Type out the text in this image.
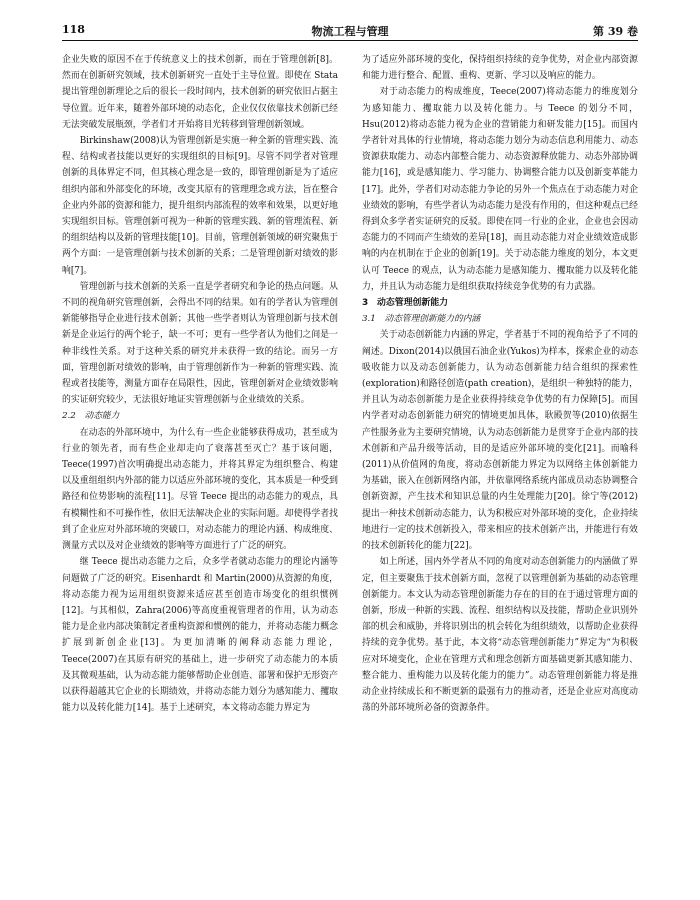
118	物流工程与管理	第 39 卷

企业失败的原因不在于传统意义上的技术创新，而在于管理创新[8]。然而在创新研究领域，技术创新研究一直处于主导位置。即使在 Stata 提出管理创新理论之后的很长一段时间内，技术创新的研究依旧占据主导位置。近年来，随着外部环境的动态化，企业仅仅依靠技术创新已经无法突破发展瓶颈，学者们才开始将目光转移到管理创新领域。

Birkinshaw(2008)认为管理创新是实施一种全新的管理实践、流程、结构或者技能以更好的实现组织的目标[9]。尽管不同学者对管理创新的具体界定不同，但其核心理念是一致的，即管理创新是为了适应组织内部和外部变化的环境，改变其原有的管理理念或方法，旨在整合企业内外部的资源和能力，提升组织内部流程的效率和效果，以更好地实现组织目标。管理创新可视为一种新的管理实践、新的管理流程、新的组织结构以及新的管理技能[10]。目前，管理创新领域的研究聚焦于两个方面：一是管理创新与技术创新的关系；二是管理创新对绩效的影响[7]。

管理创新与技术创新的关系一直是学者研究和争论的热点问题。从不同的视角研究管理创新，会得出不同的结果。如有的学者认为管理创新能够指导企业进行技术创新；其他一些学者则认为管理创新与技术创新是企业运行的两个轮子，缺一不可；更有一些学者认为他们之间是一种非线性关系。对于这种关系的研究并未获得一致的结论。而另一方面，管理创新对绩效的影响，由于管理创新作为一种新的管理实践、流程或者技能等，测量方面存在局限性，因此，管理创新对企业绩效影响的实证研究较少，无法很好地证实管理创新与企业绩效的关系。

2.2　动态能力

在动态的外部环境中，为什么有一些企业能够获得成功，甚至成为行业的领先者，而有些企业却走向了衰落甚至灭亡？基于该问题，Teece(1997)首次明确提出动态能力，并将其界定为组织整合、构建以及重组组织内外部的能力以适应外部环境的变化，其本质是一种受到路径和位势影响的流程[11]。尽管 Teece 提出的动态能力的观点，具有模糊性和不可操作性，依旧无法解决企业的实际问题。却使得学者找到了企业应对外部环境的突破口，对动态能力的理论内涵、构成维度、测量方式以及对企业绩效的影响等方面进行了广泛的研究。

继 Teece 提出动态能力之后，众多学者就动态能力的理论内涵等问题做了广泛的研究。Eisenhardt 和 Martin(2000)从资源的角度，将动态能力视为运用组织资源来适应甚至创造市场变化的组织惯例[12]。与其相似，Zahra(2006)等高度重视管理者的作用，认为动态能力是企业内部决策制定者重构资源和惯例的能力，并将动态能力概念扩展到新创企业[13]。为更加清晰的阐释动态能力理论，Teece(2007)在其原有研究的基础上，进一步研究了动态能力的本质及其微观基础，认为动态能力能够帮助企业创造、部署和保护无形资产以获得超越其它企业的长期绩效，并将动态能力划分为感知能力、攫取能力以及转化能力[14]。基于上述研究，本文将动态能力界定为

为了适应外部环境的变化，保持组织持续的竞争优势，对企业内部资源和能力进行整合、配置、重构、更新、学习以及响应的能力。

对于动态能力的构成维度，Teece(2007)将动态能力的维度划分为感知能力、攫取能力以及转化能力。与 Teece 的划分不同，Hsu(2012)将动态能力视为企业的营销能力和研发能力[15]。而国内学者针对具体的行业情境，将动态能力划分为动态信息利用能力、动态资源获取能力、动态内部整合能力、动态资源释放能力、动态外部协调能力[16]，或是感知能力、学习能力、协调整合能力以及创新变革能力[17]。此外，学者们对动态能力争论的另外一个焦点在于动态能力对企业绩效的影响，有些学者认为动态能力是没有作用的，但这种观点已经得到众多学者实证研究的反驳。即使在同一行业的企业，企业也会因动态能力的不同而产生绩效的差异[18]，而且动态能力对企业绩效造成影响的内在机制在于企业的创新[19]。关于动态能力维度的划分，本文更认可 Teece 的观点，认为动态能力是感知能力、攫取能力以及转化能力，并且认为动态能力是组织获取持续竞争优势的有力武器。

3　动态管理创新能力
3.1　动态管理创新能力的内涵

关于动态创新能力内涵的界定，学者基于不同的视角给予了不同的阐述。Dixon(2014)以俄国石油企业(Yukos)为样本，探索企业的动态吸收能力以及动态创新能力，认为动态创新能力结合组织的探索性(exploration)和路径创造(path creation)，是组织一种独特的能力，并且认为动态创新能力是企业获得持续竞争优势的有力保障[5]。而国内学者对动态创新能力研究的情境更加具体，耿殿贺等(2010)依据生产性服务业为主要研究情境，认为动态创新能力是贯穿于企业内部的技术创新和产品升级等活动，目的是适应外部环境的变化[21]。而喻科(2011)从价值网的角度，将动态创新能力界定为以网络主体创新能力为基础，嵌入在创新网络内部，并依靠网络系统内部成员动态协调整合创新资源，产生技术和知识总量的内生处理能力[20]。徐宁等(2012)提出一种技术创新动态能力，认为积极应对外部环境的变化，企业持续地进行一定的技术创新投入，带来相应的技术创新产出，并能进行有效的技术创新转化的能力[22]。

如上所述，国内外学者从不同的角度对动态创新能力的内涵做了界定，但主要聚焦于技术创新方面，忽视了以管理创新为基础的动态管理创新能力。本文认为动态管理创新能力存在的目的在于通过管理方面的创新，形成一种新的实践、流程、组织结构以及技能，帮助企业识别外部的机会和威胁，并将识别出的机会转化为组织绩效，以帮助企业获得持续的竞争优势。基于此，本文将“动态管理创新能力”界定为“为积极应对环境变化，企业在管理方式和理念创新方面基础更新其感知能力、整合能力、重构能力以及转化能力的能力”。动态管理创新能力将是推动企业持续成长和不断更新的最强有力的推动者，还是企业应对高度动荡的外部环境所必备的资源条件。
